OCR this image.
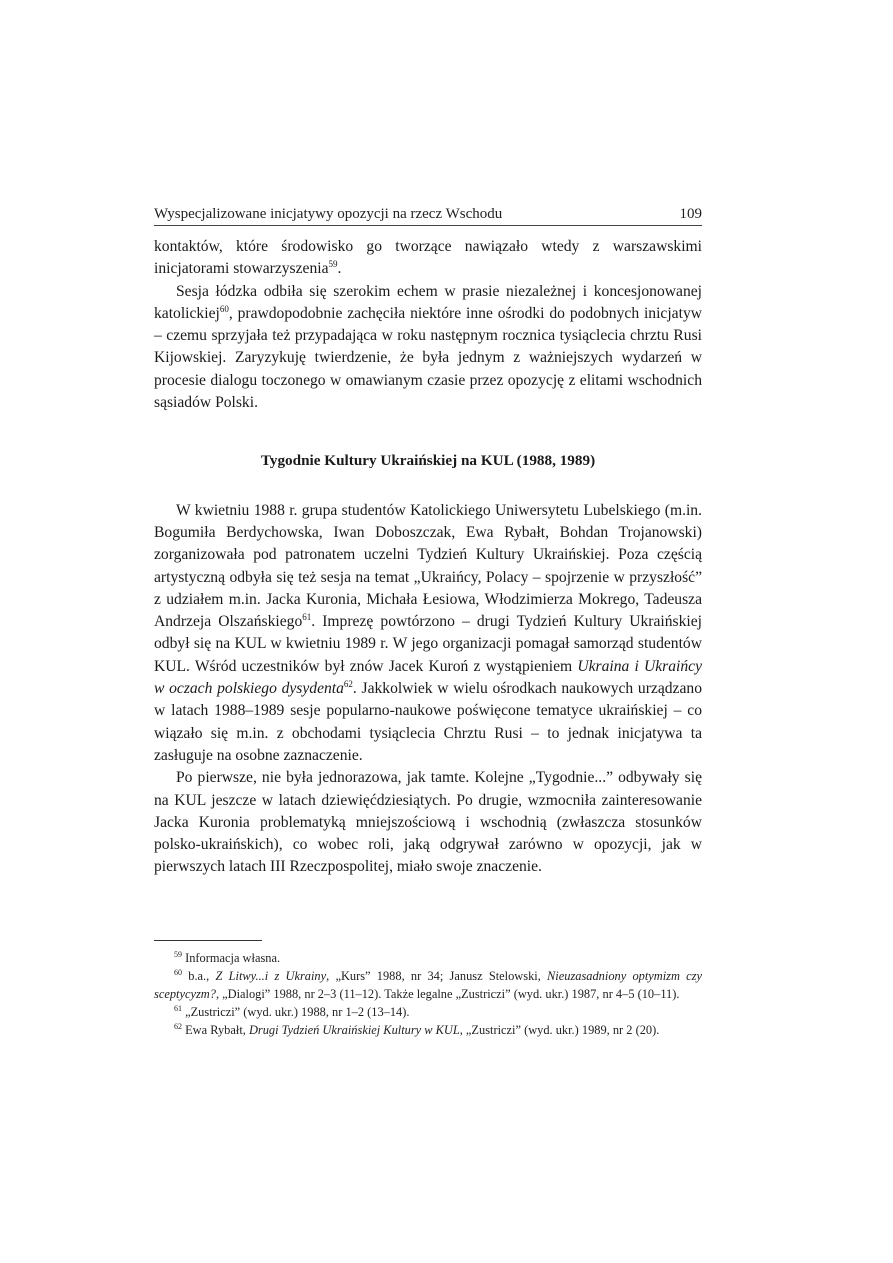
Wyspecjalizowane inicjatywy opozycji na rzecz Wschodu	109

kontaktów, które środowisko go tworzące nawiązało wtedy z warszawskimi inicjatorami stowarzyszenia$^{59}$.

Sesja łódzka odbiła się szerokim echem w prasie niezależnej i koncesjonowanej katolickiej$^{60}$, prawdopodobnie zachęciła niektóre inne ośrodki do podobnych inicjatyw – czemu sprzyjała też przypadająca w roku następnym rocznica tysiąclecia chrztu Rusi Kijowskiej. Zaryzykuję twierdzenie, że była jednym z ważniejszych wydarzeń w procesie dialogu toczonego w omawianym czasie przez opozycję z elitami wschodnich sąsiadów Polski.

Tygodnie Kultury Ukraińskiej na KUL (1988, 1989)

W kwietniu 1988 r. grupa studentów Katolickiego Uniwersytetu Lubelskiego (m.in. Bogumiła Berdychowska, Iwan Doboszczak, Ewa Rybałt, Bohdan Trojanowski) zorganizowała pod patronatem uczelni Tydzień Kultury Ukraińskiej. Poza częścią artystyczną odbyła się też sesja na temat „Ukraińcy, Polacy – spojrzenie w przyszłość” z udziałem m.in. Jacka Kuronia, Michała Łesiowa, Włodzimierza Mokrego, Tadeusza Andrzeja Olszańskiego$^{61}$. Imprezę powtórzono – drugi Tydzień Kultury Ukraińskiej odbył się na KUL w kwietniu 1989 r. W jego organizacji pomagał samorząd studentów KUL. Wśród uczestników był znów Jacek Kuroń z wystąpieniem Ukraina i Ukraińcy w oczach polskiego dysydenta$^{62}$. Jakkolwiek w wielu ośrodkach naukowych urządzano w latach 1988–1989 sesje popularno-naukowe poświęcone tematyce ukraińskiej – co wiązało się m.in. z obchodami tysiąclecia Chrztu Rusi – to jednak inicjatywa ta zasługuje na osobne zaznaczenie.

Po pierwsze, nie była jednorazowa, jak tamte. Kolejne „Tygodnie...” odbywały się na KUL jeszcze w latach dziewięćdziesiątych. Po drugie, wzmocniła zainteresowanie Jacka Kuronia problematyką mniejszościową i wschodnią (zwłaszcza stosunków polsko-ukraińskich), co wobec roli, jaką odgrywał zarówno w opozycji, jak w pierwszych latach III Rzeczpospolitej, miało swoje znaczenie.

$^{59}$ Informacja własna.

$^{60}$ b.a., Z Litwy...i z Ukrainy, „Kurs” 1988, nr 34; Janusz Stelowski, Nieuzasadniony optymizm czy sceptycyzm?, „Dialogi” 1988, nr 2–3 (11–12). Także legalne „Zustriczi” (wyd. ukr.) 1987, nr 4–5 (10–11).

$^{61}$ „Zustriczi” (wyd. ukr.) 1988, nr 1–2 (13–14).

$^{62}$ Ewa Rybałt, Drugi Tydzień Ukraińskiej Kultury w KUL, „Zustriczi” (wyd. ukr.) 1989, nr 2 (20).
